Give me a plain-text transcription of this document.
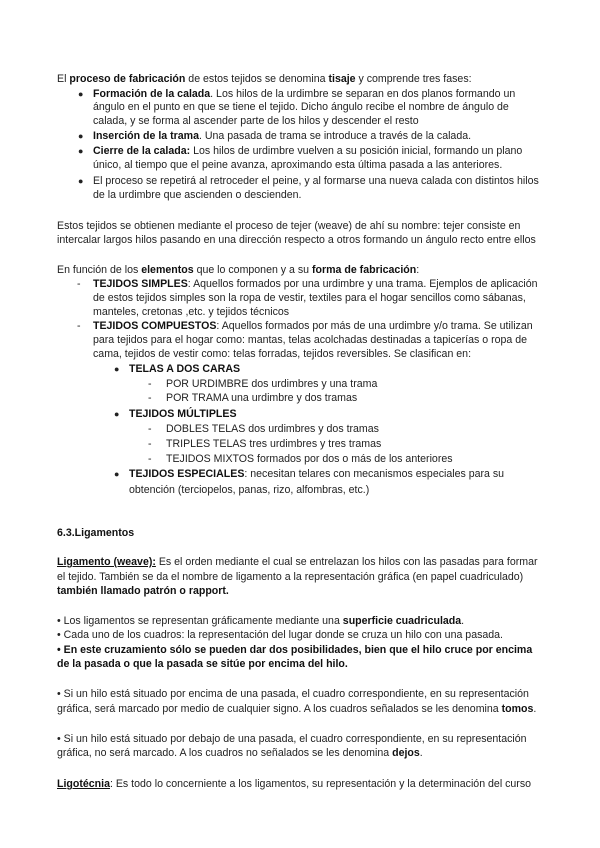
El proceso de fabricación de estos tejidos se denomina tisaje y comprende tres fases:
● Formación de la calada. Los hilos de la urdimbre se separan en dos planos formando un
ángulo en el punto en que se tiene el tejido. Dicho ángulo recibe el nombre de ángulo de
calada, y se forma al ascender parte de los hilos y descender el resto
● Inserción de la trama. Una pasada de trama se introduce a través de la calada.
● Cierre de la calada: Los hilos de urdimbre vuelven a su posición inicial, formando un plano
único, al tiempo que el peine avanza, aproximando esta última pasada a las anteriores.
● El proceso se repetirá al retroceder el peine, y al formarse una nueva calada con distintos hilos
de la urdimbre que ascienden o descienden.
Estos tejidos se obtienen mediante el proceso de tejer (weave) de ahí su nombre: tejer consiste en
intercalar largos hilos pasando en una dirección respecto a otros formando un ángulo recto entre ellos
En función de los elementos que lo componen y a su forma de fabricación:
- TEJIDOS SIMPLES: Aquellos formados por una urdimbre y una trama. Ejemplos de aplicación
de estos tejidos simples son la ropa de vestir, textiles para el hogar sencillos como sábanas,
manteles, cretonas ,etc. y tejidos técnicos
- TEJIDOS COMPUESTOS: Aquellos formados por más de una urdimbre y/o trama. Se utilizan
para tejidos para el hogar como: mantas, telas acolchadas destinadas a tapicerías o ropa de
cama, tejidos de vestir como: telas forradas, tejidos reversibles. Se clasifican en:
● TELAS A DOS CARAS
- POR URDIMBRE dos urdimbres y una trama
- POR TRAMA una urdimbre y dos tramas
● TEJIDOS MÚLTIPLES
- DOBLES TELAS dos urdimbres y dos tramas
- TRIPLES TELAS tres urdimbres y tres tramas
- TEJIDOS MIXTOS formados por dos o más de los anteriores
● TEJIDOS ESPECIALES: necesitan telares con mecanismos especiales para su
obtención (terciopelos, panas, rizo, alfombras, etc.)
6.3.Ligamentos
Ligamento (weave): Es el orden mediante el cual se entrelazan los hilos con las pasadas para formar
el tejido. También se da el nombre de ligamento a la representación gráfica (en papel cuadriculado)
también llamado patrón o rapport.
• Los ligamentos se representan gráficamente mediante una superficie cuadriculada.
• Cada uno de los cuadros: la representación del lugar donde se cruza un hilo con una pasada.
• En este cruzamiento sólo se pueden dar dos posibilidades, bien que el hilo cruce por encima
de la pasada o que la pasada se sitúe por encima del hilo.
• Si un hilo está situado por encima de una pasada, el cuadro correspondiente, en su representación
gráfica, será marcado por medio de cualquier signo. A los cuadros señalados se les denomina tomos.
• Si un hilo está situado por debajo de una pasada, el cuadro correspondiente, en su representación
gráfica, no será marcado. A los cuadros no señalados se les denomina dejos.
Ligotécnia: Es todo lo concerniente a los ligamentos, su representación y la determinación del curso
